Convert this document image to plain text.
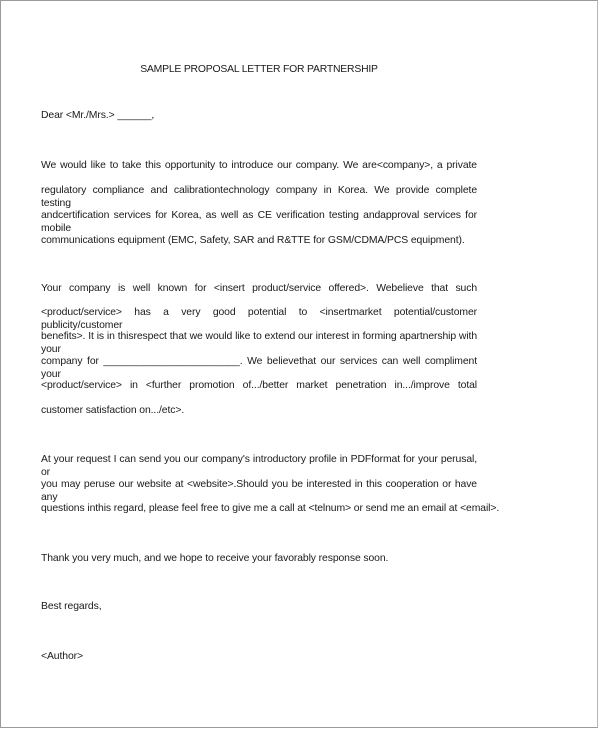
SAMPLE PROPOSAL LETTER FOR PARTNERSHIP
Dear <Mr./Mrs.> ______,
We would like to take this opportunity to introduce our company. We are<company>, a private
regulatory compliance and calibrationtechnology company in Korea. We provide complete testing
andcertification services for Korea, as well as CE verification testing andapproval services for mobile
communications equipment (EMC, Safety, SAR and R&TTE for GSM/CDMA/PCS equipment).
Your company is well known for <insert product/service offered>. Webelieve that such
<product/service> has a very good potential to <insertmarket potential/customer publicity/customer
benefits>. It is in thisrespect that we would like to extend our interest in forming apartnership with your
company for ________________________. We believethat our services can well compliment your
<product/service> in <further promotion of.../better market penetration in.../improve total
customer satisfaction on.../etc>.
At your request I can send you our company's introductory profile in PDFformat for your perusal, or
you may peruse our website at <website>.Should you be interested in this cooperation or have any
questions inthis regard, please feel free to give me a call at <telnum> or send me an email at <email>.
Thank you very much, and we hope to receive your favorably response soon.
Best regards,
<Author>
